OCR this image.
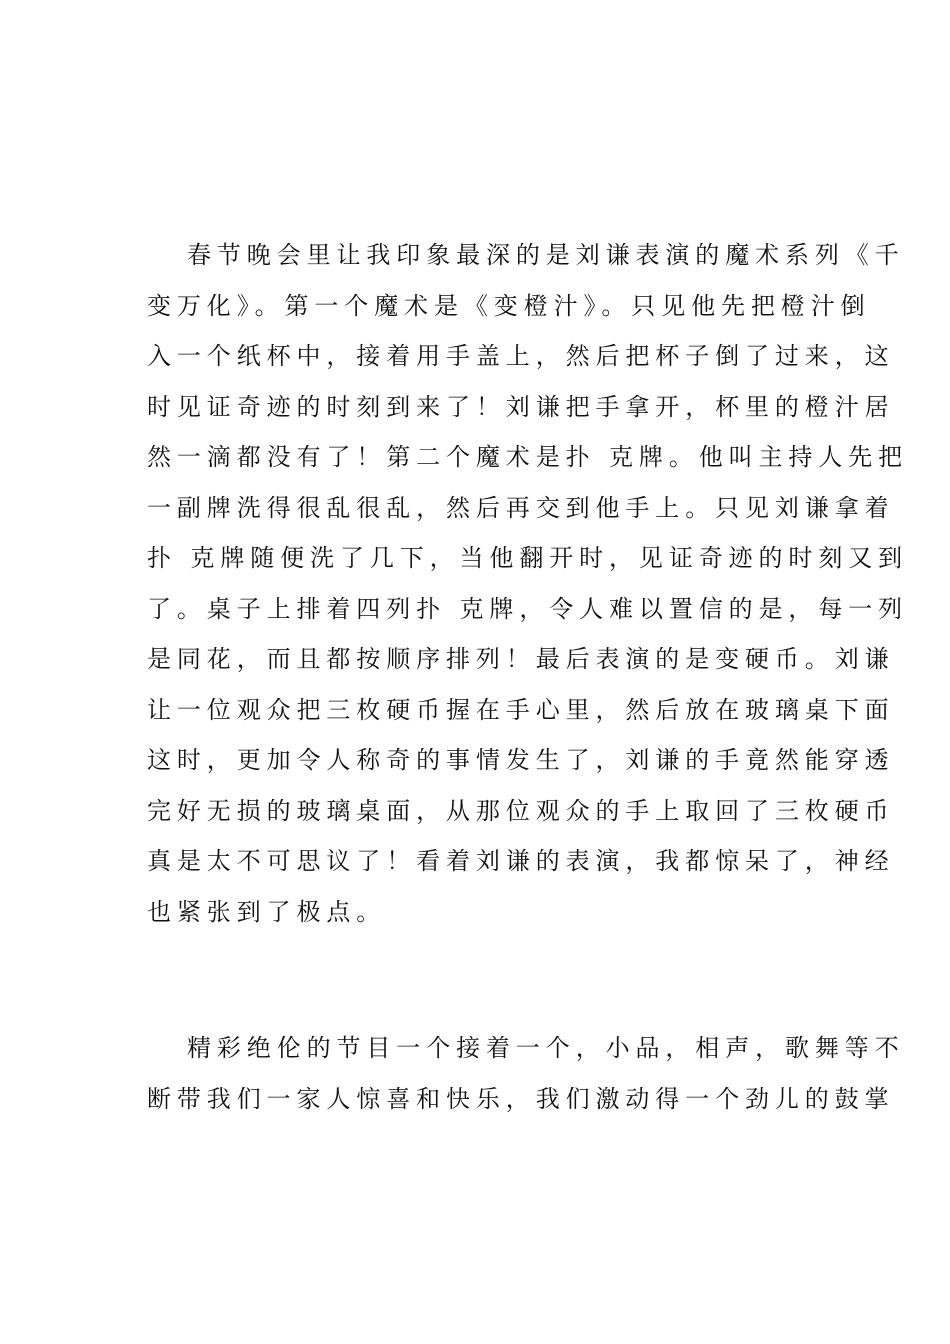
春节晚会里让我印象最深的是刘谦表演的魔术系列《千
变万化》。第一个魔术是《变橙汁》。只见他先把橙汁倒
入一个纸杯中，接着用手盖上，然后把杯子倒了过来，这
时见证奇迹的时刻到来了！刘谦把手拿开，杯里的橙汁居
然一滴都没有了！第二个魔术是扑 克牌。他叫主持人先把
一副牌洗得很乱很乱，然后再交到他手上。只见刘谦拿着
扑 克牌随便洗了几下，当他翻开时，见证奇迹的时刻又到
了。桌子上排着四列扑 克牌，令人难以置信的是，每一列
是同花，而且都按顺序排列！最后表演的是变硬币。刘谦
让一位观众把三枚硬币握在手心里，然后放在玻璃桌下面
这时，更加令人称奇的事情发生了，刘谦的手竟然能穿透
完好无损的玻璃桌面，从那位观众的手上取回了三枚硬币
真是太不可思议了！看着刘谦的表演，我都惊呆了，神经
也紧张到了极点。
精彩绝伦的节目一个接着一个，小品，相声，歌舞等不
断带我们一家人惊喜和快乐，我们激动得一个劲儿的鼓掌
